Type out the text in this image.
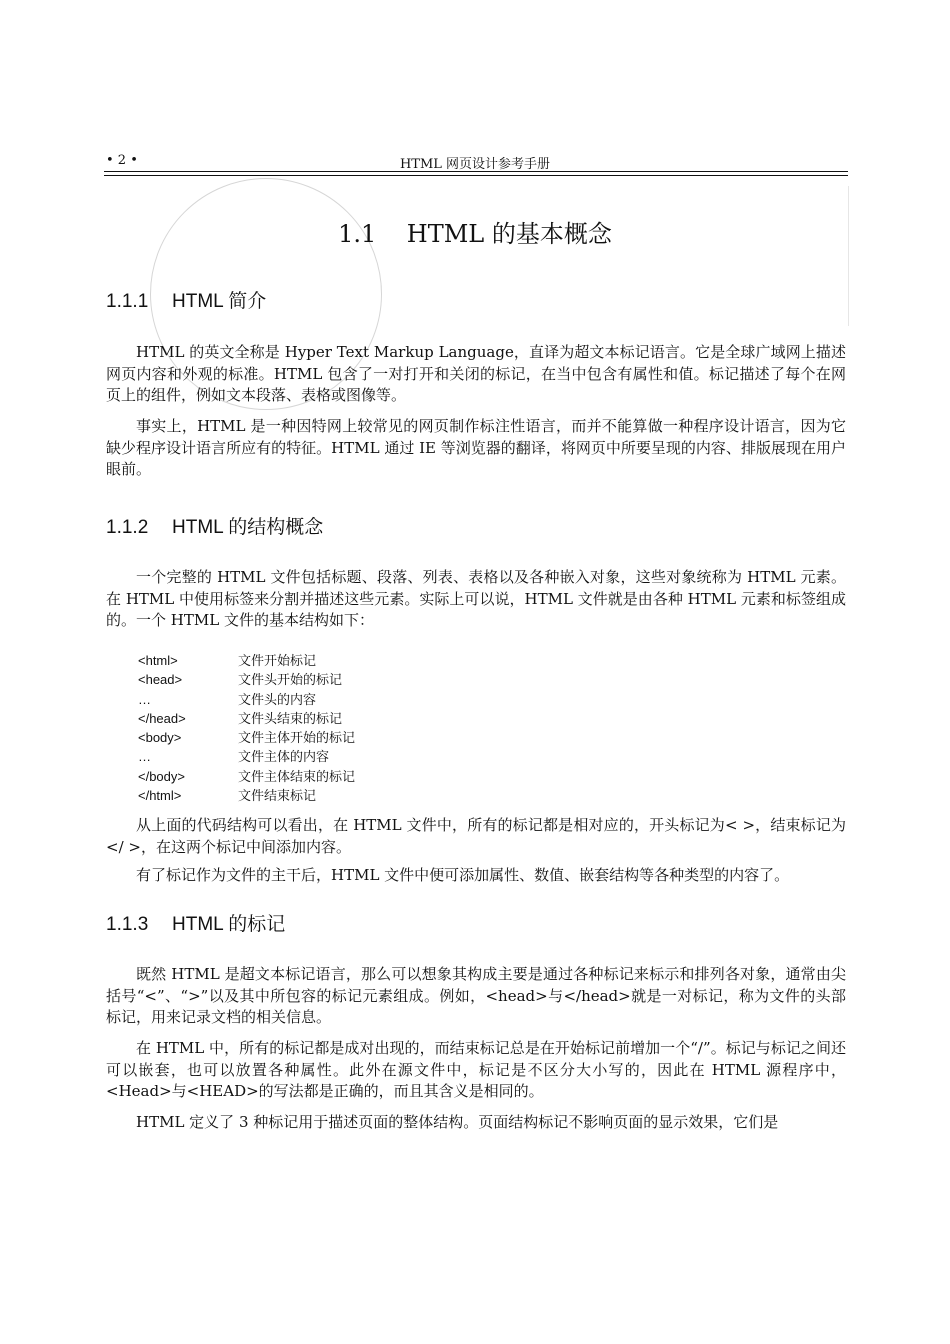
• 2 •	HTML 网页设计参考手册
1.1    HTML 的基本概念
1.1.1 HTML 简介

HTML 的英文全称是 Hyper Text Markup Language，直译为超文本标记语言。它是全球广域网上描述网页内容和外观的标准。HTML 包含了一对打开和关闭的标记，在当中包含有属性和值。标记描述了每个在网页上的组件，例如文本段落、表格或图像等。

事实上，HTML 是一种因特网上较常见的网页制作标注性语言，而并不能算做一种程序设计语言，因为它缺少程序设计语言所应有的特征。HTML 通过 IE 等浏览器的翻译，将网页中所要呈现的内容、排版展现在用户眼前。

1.1.2 HTML 的结构概念

一个完整的 HTML 文件包括标题、段落、列表、表格以及各种嵌入对象，这些对象统称为 HTML 元素。在 HTML 中使用标签来分割并描述这些元素。实际上可以说，HTML 文件就是由各种 HTML 元素和标签组成的。一个 HTML 文件的基本结构如下：

<html>	文件开始标记
<head>	文件头开始的标记
…	文件头的内容
</head>	文件头结束的标记
<body>	文件主体开始的标记
…	文件主体的内容
</body>	文件主体结束的标记
</html>	文件结束标记

从上面的代码结构可以看出，在 HTML 文件中，所有的标记都是相对应的，开头标记为< >，结束标记为</ >，在这两个标记中间添加内容。

有了标记作为文件的主干后，HTML 文件中便可添加属性、数值、嵌套结构等各种类型的内容了。

1.1.3 HTML 的标记

既然 HTML 是超文本标记语言，那么可以想象其构成主要是通过各种标记来标示和排列各对象，通常由尖括号“<”、“>”以及其中所包容的标记元素组成。例如，<head>与</head>就是一对标记，称为文件的头部标记，用来记录文档的相关信息。

在 HTML 中，所有的标记都是成对出现的，而结束标记总是在开始标记前增加一个“/”。标记与标记之间还可以嵌套，也可以放置各种属性。此外在源文件中，标记是不区分大小写的，因此在 HTML 源程序中，<Head>与<HEAD>的写法都是正确的，而且其含义是相同的。

HTML 定义了 3 种标记用于描述页面的整体结构。页面结构标记不影响页面的显示效果，它们是
